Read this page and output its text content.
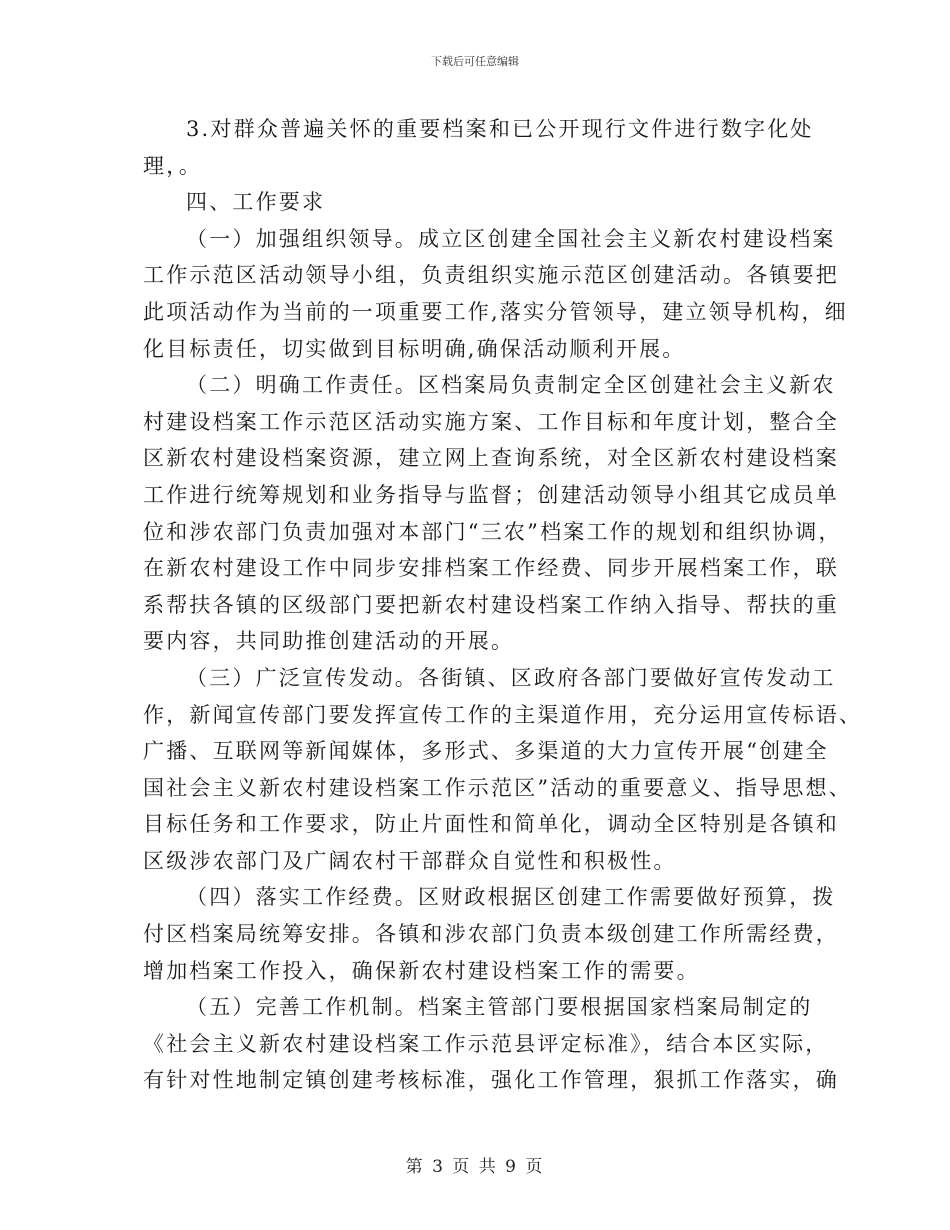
下载后可任意编辑
3.对群众普遍关怀的重要档案和已公开现行文件进行数字化处
理，。
四、工作要求
（一）加强组织领导。成立区创建全国社会主义新农村建设档案
工作示范区活动领导小组，负责组织实施示范区创建活动。各镇要把
此项活动作为当前的一项重要工作,落实分管领导，建立领导机构，细
化目标责任，切实做到目标明确,确保活动顺利开展。
（二）明确工作责任。区档案局负责制定全区创建社会主义新农
村建设档案工作示范区活动实施方案、工作目标和年度计划，整合全
区新农村建设档案资源，建立网上查询系统，对全区新农村建设档案
工作进行统筹规划和业务指导与监督；创建活动领导小组其它成员单
位和涉农部门负责加强对本部门“三农”档案工作的规划和组织协调，
在新农村建设工作中同步安排档案工作经费、同步开展档案工作，联
系帮扶各镇的区级部门要把新农村建设档案工作纳入指导、帮扶的重
要内容，共同助推创建活动的开展。
（三）广泛宣传发动。各街镇、区政府各部门要做好宣传发动工
作，新闻宣传部门要发挥宣传工作的主渠道作用，充分运用宣传标语、
广播、互联网等新闻媒体，多形式、多渠道的大力宣传开展“创建全
国社会主义新农村建设档案工作示范区”活动的重要意义、指导思想、
目标任务和工作要求，防止片面性和简单化，调动全区特别是各镇和
区级涉农部门及广阔农村干部群众自觉性和积极性。
（四）落实工作经费。区财政根据区创建工作需要做好预算，拨
付区档案局统筹安排。各镇和涉农部门负责本级创建工作所需经费，
增加档案工作投入，确保新农村建设档案工作的需要。
（五）完善工作机制。档案主管部门要根据国家档案局制定的
《社会主义新农村建设档案工作示范县评定标准》，结合本区实际，
有针对性地制定镇创建考核标准，强化工作管理，狠抓工作落实，确
第 3 页 共 9 页
